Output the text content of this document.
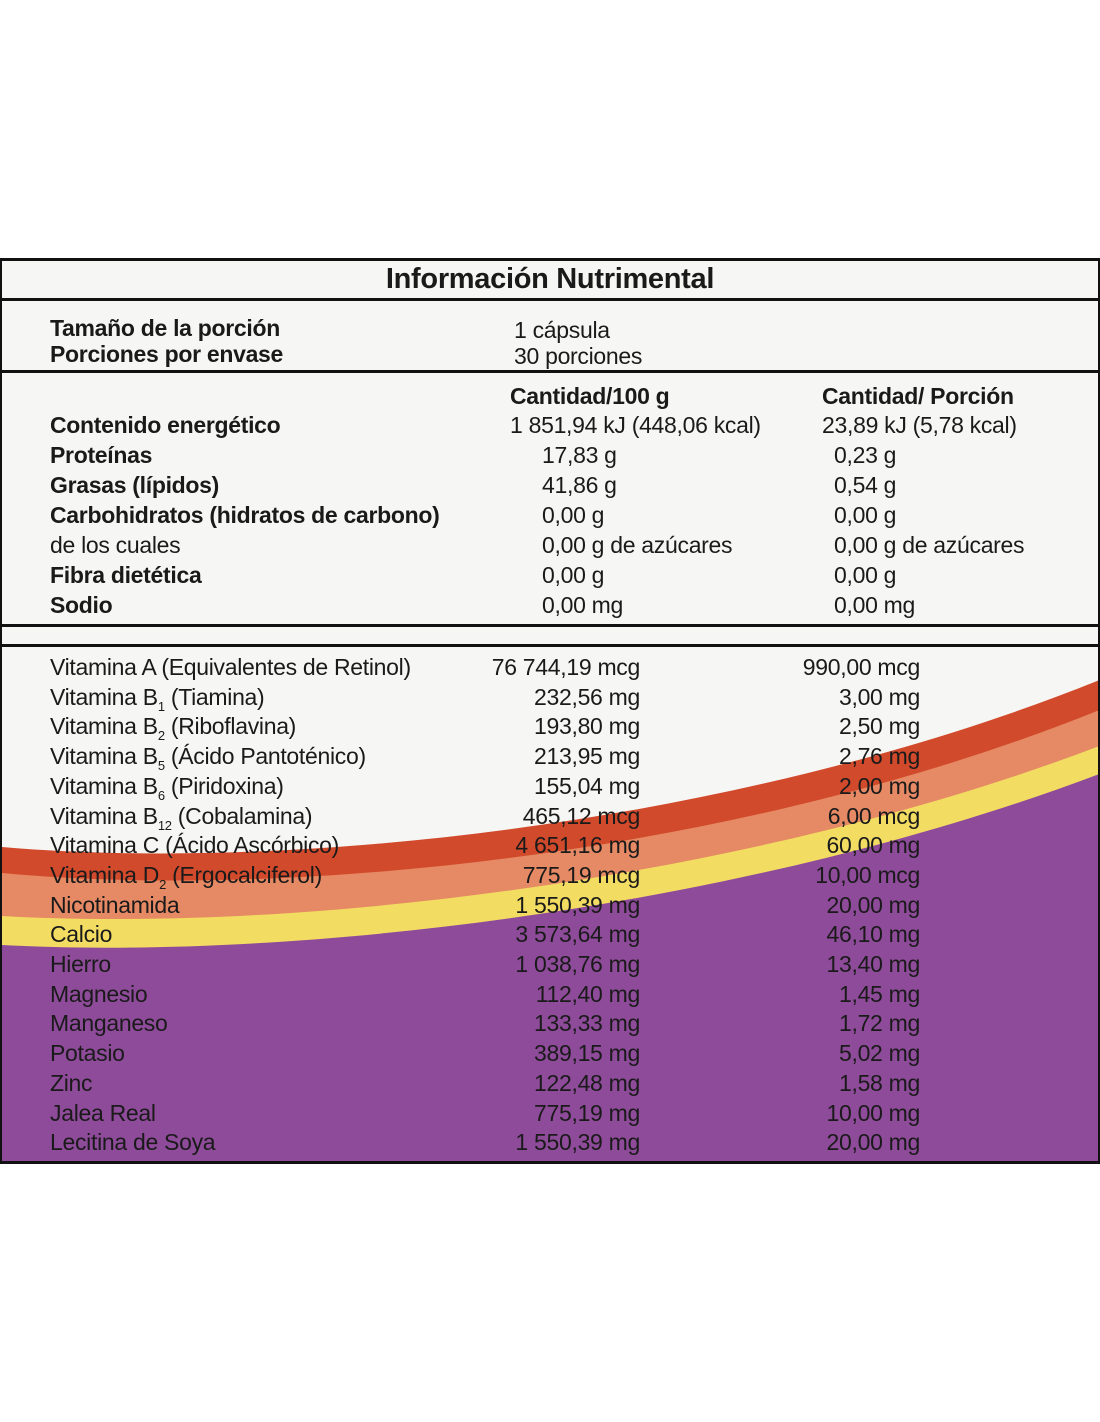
Información Nutrimental
Tamaño de la porción	1 cápsula
Porciones por envase	30 porciones
Cantidad/100 g	Cantidad/ Porción
Contenido energético	1 851,94 kJ (448,06 kcal)	23,89 kJ (5,78 kcal)
Proteínas	17,83 g	0,23 g
Grasas (lípidos)	41,86 g	0,54 g
Carbohidratos (hidratos de carbono)	0,00 g	0,00 g
de los cuales	0,00 g de azúcares	0,00 g de azúcares
Fibra dietética	0,00 g	0,00 g
Sodio	0,00 mg	0,00 mg
Vitamina A (Equivalentes de Retinol)	76 744,19 mcg	990,00 mcg
Vitamina $B_1$ (Tiamina)	232,56 mg	3,00 mg
Vitamina $B_2$ (Riboflavina)	193,80 mg	2,50 mg
Vitamina $B_5$ (Ácido Pantoténico)	213,95 mg	2,76 mg
Vitamina $B_6$ (Piridoxina)	155,04 mg	2,00 mg
Vitamina $B_{12}$ (Cobalamina)	465,12 mcg	6,00 mcg
Vitamina C (Ácido Ascórbico)	4 651,16 mg	60,00 mg
Vitamina $D_2$ (Ergocalciferol)	775,19 mcg	10,00 mcg
Nicotinamida	1 550,39 mg	20,00 mg
Calcio	3 573,64 mg	46,10 mg
Hierro	1 038,76 mg	13,40 mg
Magnesio	112,40 mg	1,45 mg
Manganeso	133,33 mg	1,72 mg
Potasio	389,15 mg	5,02 mg
Zinc	122,48 mg	1,58 mg
Jalea Real	775,19 mg	10,00 mg
Lecitina de Soya	1 550,39 mg	20,00 mg
